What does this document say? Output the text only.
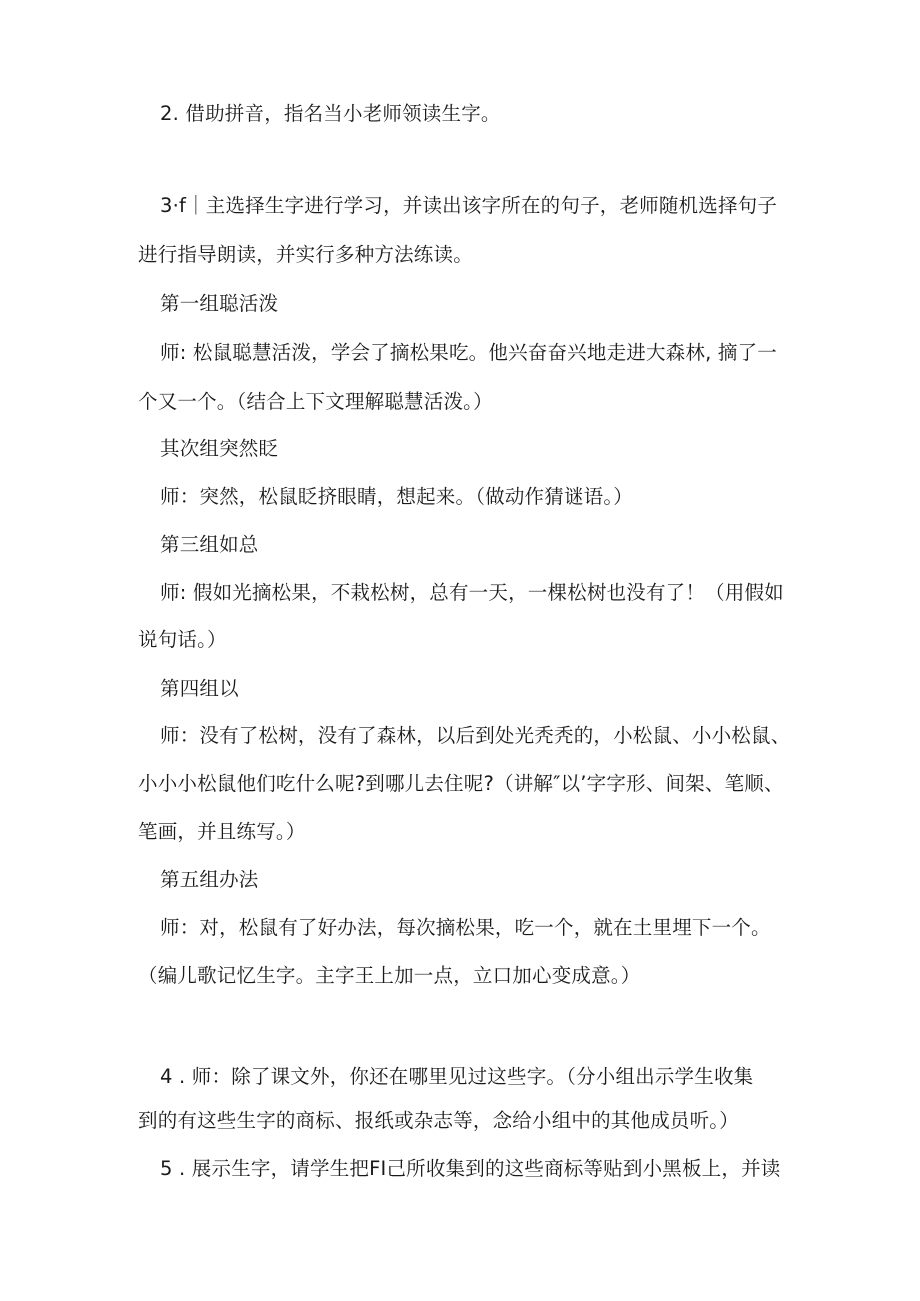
2. 借助拼音，指名当小老师领读生字。
3·f｜主选择生字进行学习，并读出该字所在的句子，老师随机选择句子
进行指导朗读，并实行多种方法练读。
第一组聪活泼
师: 松鼠聪慧活泼，学会了摘松果吃。他兴奋奋兴地走进大森林, 摘了一
个又一个。（结合上下文理解聪慧活泼。）
其次组突然眨
师：突然，松鼠眨挤眼睛，想起来。（做动作猜谜语。）
第三组如总
师: 假如光摘松果，不栽松树，总有一天，一棵松树也没有了！（用假如
说句话。）
第四组以
师：没有了松树，没有了森林，以后到处光秃秃的，小松鼠、小小松鼠、
小小小松鼠他们吃什么呢?到哪儿去住呢?（讲解″以’字字形、间架、笔顺、
笔画，并且练写。）
第五组办法
师：对，松鼠有了好办法，每次摘松果，吃一个，就在土里埋下一个。
（编儿歌记忆生字。主字王上加一点，立口加心变成意。）
4 . 师：除了课文外，你还在哪里见过这些字。（分小组出示学生收集
到的有这些生字的商标、报纸或杂志等，念给小组中的其他成员听。）
5 . 展示生字，请学生把FI己所收集到的这些商标等贴到小黑板上，并读
